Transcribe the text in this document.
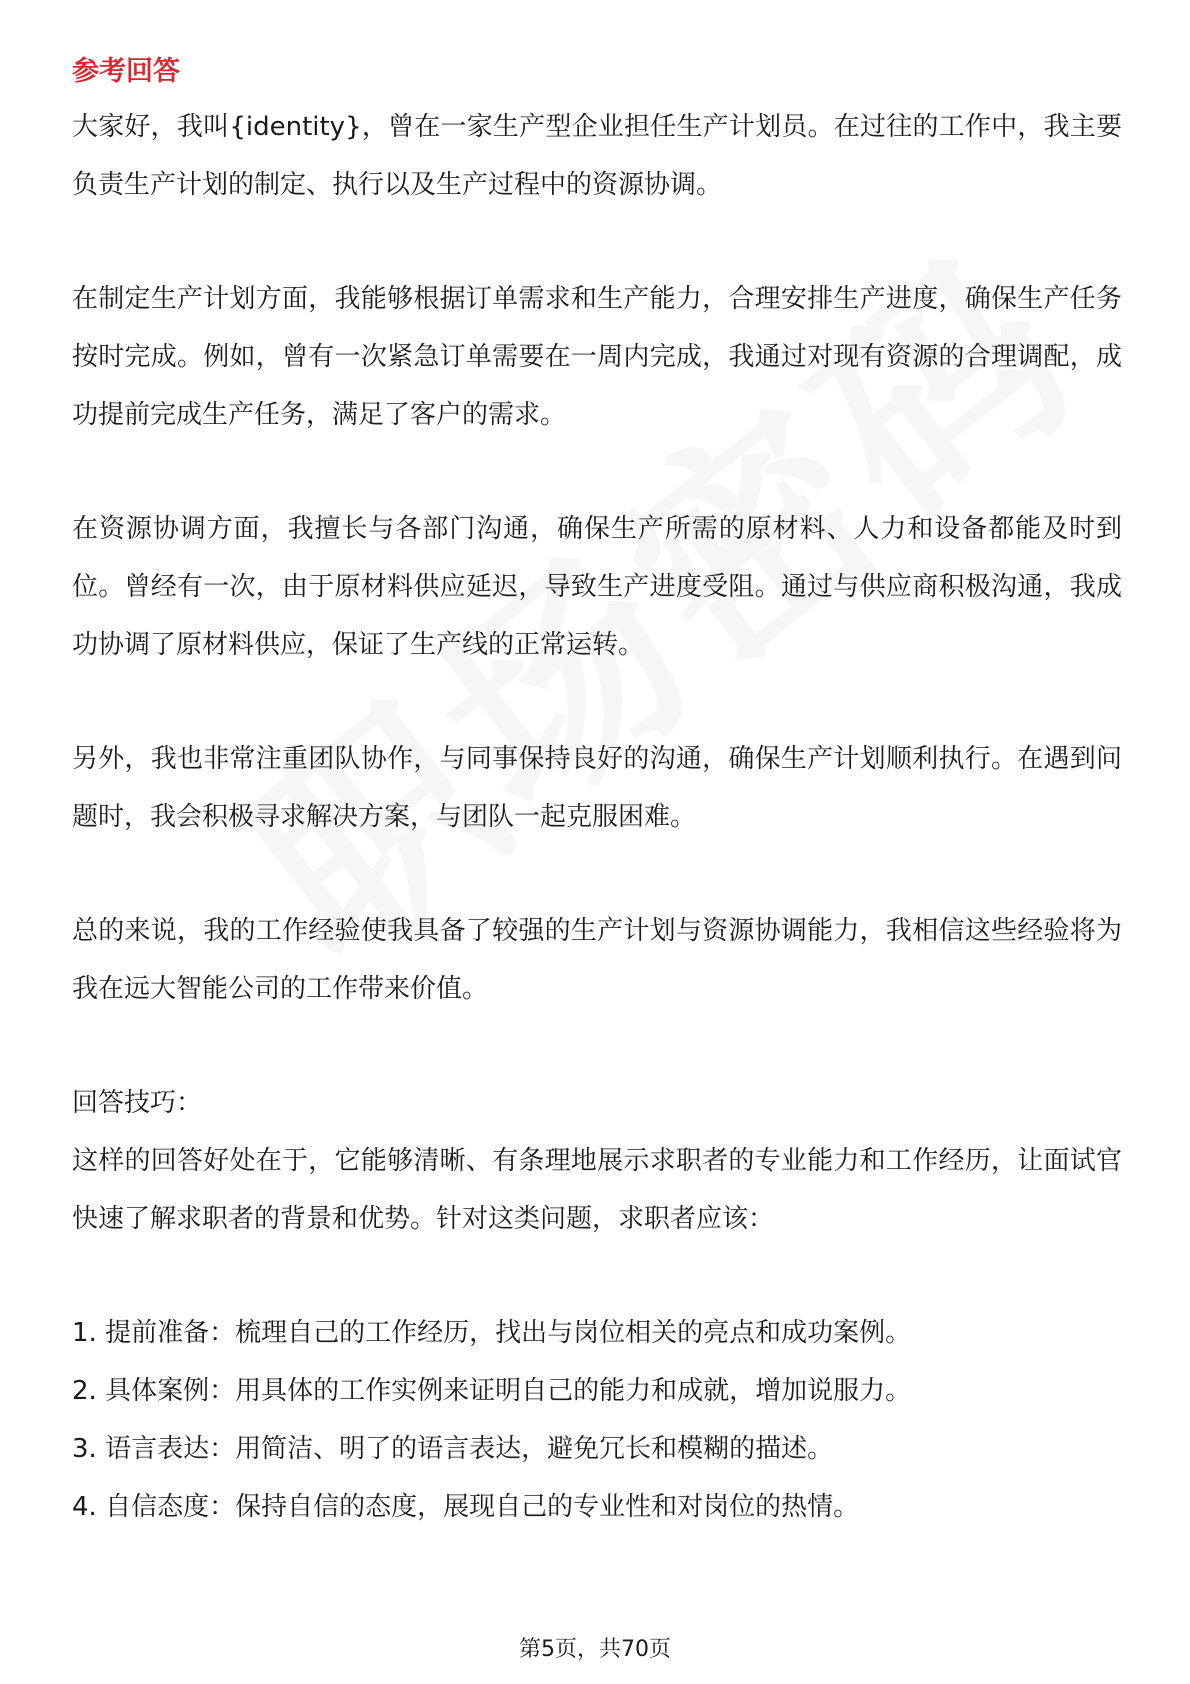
参考回答

大家好，我叫{identity}，曾在一家生产型企业担任生产计划员。在过往的工作中，我主要负责生产计划的制定、执行以及生产过程中的资源协调。

在制定生产计划方面，我能够根据订单需求和生产能力，合理安排生产进度，确保生产任务按时完成。例如，曾有一次紧急订单需要在一周内完成，我通过对现有资源的合理调配，成功提前完成生产任务，满足了客户的需求。

在资源协调方面，我擅长与各部门沟通，确保生产所需的原材料、人力和设备都能及时到位。曾经有一次，由于原材料供应延迟，导致生产进度受阻。通过与供应商积极沟通，我成功协调了原材料供应，保证了生产线的正常运转。

另外，我也非常注重团队协作，与同事保持良好的沟通，确保生产计划顺利执行。在遇到问题时，我会积极寻求解决方案，与团队一起克服困难。

总的来说，我的工作经验使我具备了较强的生产计划与资源协调能力，我相信这些经验将为我在远大智能公司的工作带来价值。

回答技巧：

这样的回答好处在于，它能够清晰、有条理地展示求职者的专业能力和工作经历，让面试官快速了解求职者的背景和优势。针对这类问题，求职者应该：

1. 提前准备：梳理自己的工作经历，找出与岗位相关的亮点和成功案例。

2. 具体案例：用具体的工作实例来证明自己的能力和成就，增加说服力。

3. 语言表达：用简洁、明了的语言表达，避免冗长和模糊的描述。

4. 自信态度：保持自信的态度，展现自己的专业性和对岗位的热情。

第5页，共70页
